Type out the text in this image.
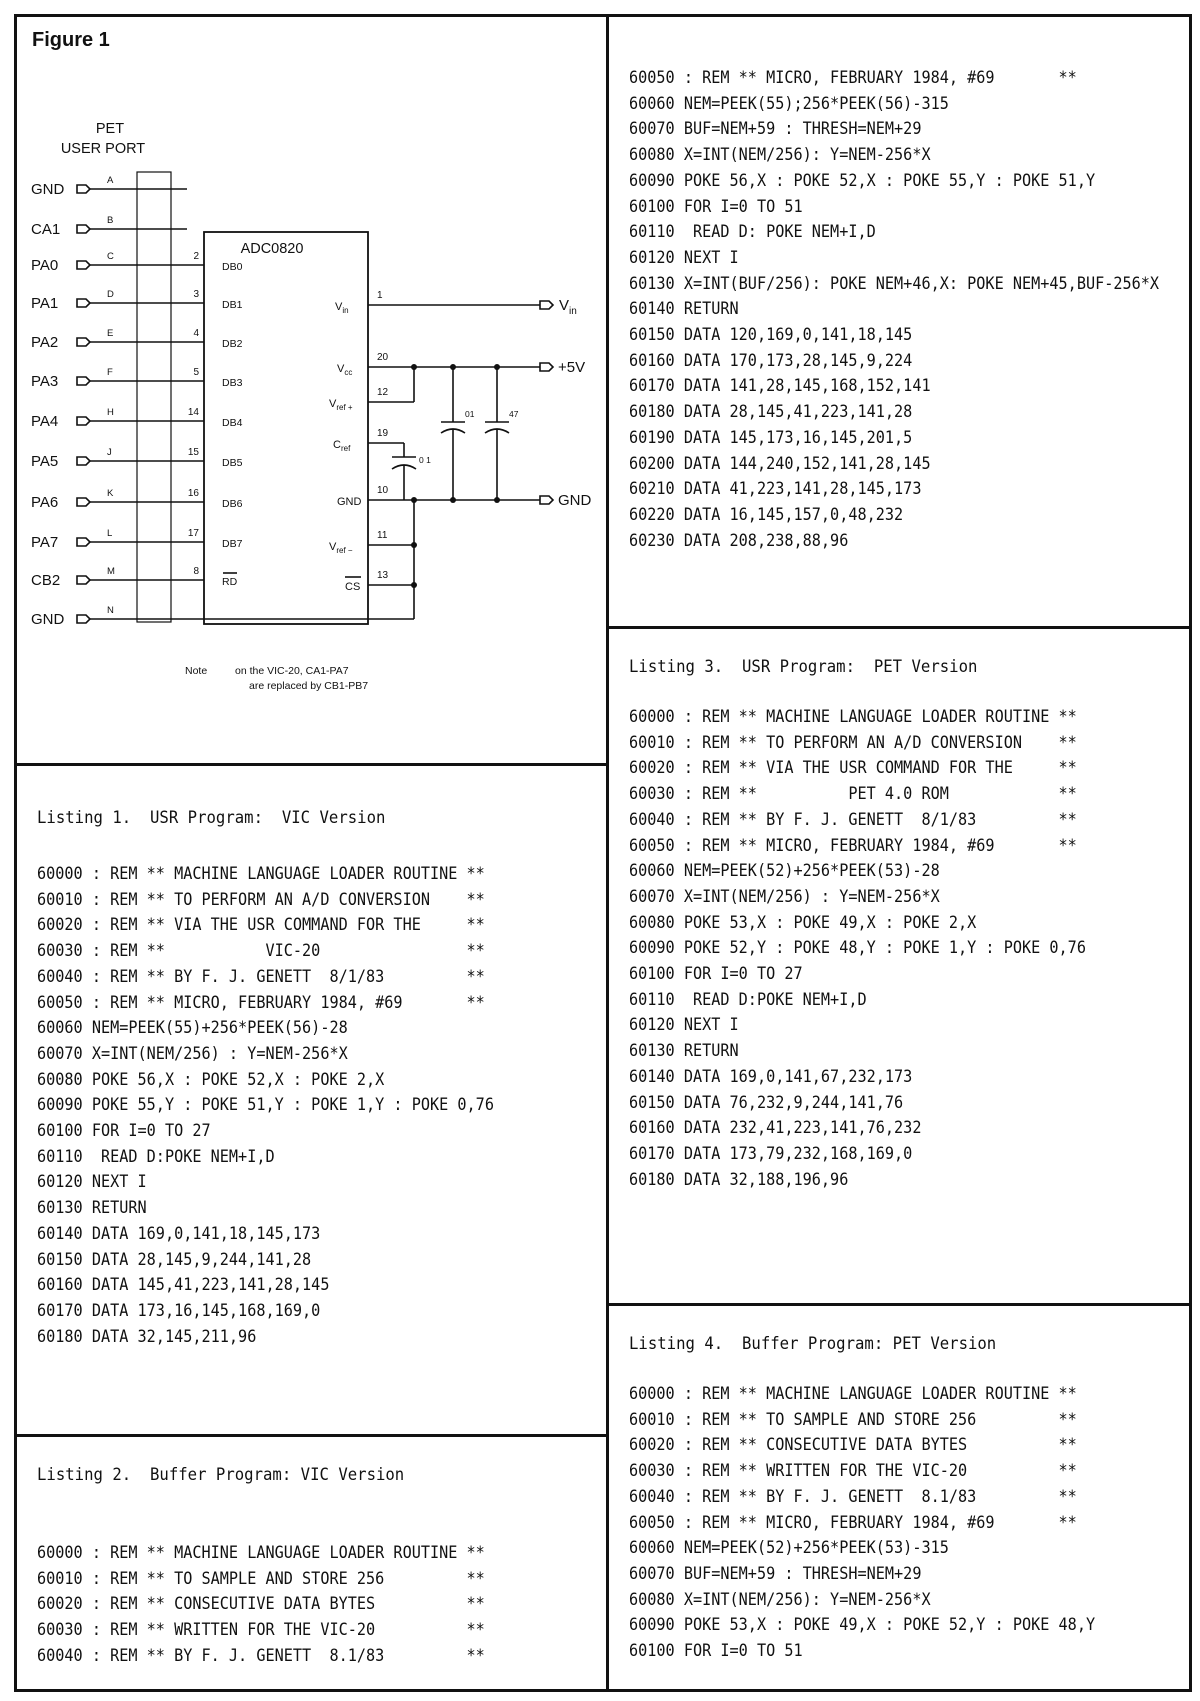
Figure 1
PET
USER PORT
ADC0820
GND
A
CA1
B
PA0
C	2
DB0
PA1
D	3
DB1
PA2
E	4
DB2
PA3
F	5
DB3
PA4
H	14
DB4
PA5
J	15
DB5
PA6
K	16
DB6
PA7
L	17
DB7
CB2
M	8
RD
GND
N
1
$V_{in}$
20
$V_{cc}$
12
$V_{ref +}$
19
$C_{ref}$
10
GND
11
$V_{ref -}$
13
CS
$V_{in}$
+5V
GND
01	47
0 1
Note	on the VIC-20, CA1-PA7
are replaced by CB1-PB7
60050 : REM ** MICRO, FEBRUARY 1984, #69       **
60060 NEM=PEEK(55);256*PEEK(56)-315
60070 BUF=NEM+59 : THRESH=NEM+29
60080 X=INT(NEM/256): Y=NEM-256*X
60090 POKE 56,X : POKE 52,X : POKE 55,Y : POKE 51,Y
60100 FOR I=0 TO 51
60110  READ D: POKE NEM+I,D
60120 NEXT I
60130 X=INT(BUF/256): POKE NEM+46,X: POKE NEM+45,BUF-256*X
60140 RETURN
60150 DATA 120,169,0,141,18,145
60160 DATA 170,173,28,145,9,224
60170 DATA 141,28,145,168,152,141
60180 DATA 28,145,41,223,141,28
60190 DATA 145,173,16,145,201,5
60200 DATA 144,240,152,141,28,145
60210 DATA 41,223,141,28,145,173
60220 DATA 16,145,157,0,48,232
60230 DATA 208,238,88,96
Listing 1.  USR Program:  VIC Version
60000 : REM ** MACHINE LANGUAGE LOADER ROUTINE **
60010 : REM ** TO PERFORM AN A/D CONVERSION    **
60020 : REM ** VIA THE USR COMMAND FOR THE     **
60030 : REM **           VIC-20                **
60040 : REM ** BY F. J. GENETT  8/1/83         **
60050 : REM ** MICRO, FEBRUARY 1984, #69       **
60060 NEM=PEEK(55)+256*PEEK(56)-28
60070 X=INT(NEM/256) : Y=NEM-256*X
60080 POKE 56,X : POKE 52,X : POKE 2,X
60090 POKE 55,Y : POKE 51,Y : POKE 1,Y : POKE 0,76
60100 FOR I=0 TO 27
60110  READ D:POKE NEM+I,D
60120 NEXT I
60130 RETURN
60140 DATA 169,0,141,18,145,173
60150 DATA 28,145,9,244,141,28
60160 DATA 145,41,223,141,28,145
60170 DATA 173,16,145,168,169,0
60180 DATA 32,145,211,96
Listing 2.  Buffer Program: VIC Version
60000 : REM ** MACHINE LANGUAGE LOADER ROUTINE **
60010 : REM ** TO SAMPLE AND STORE 256         **
60020 : REM ** CONSECUTIVE DATA BYTES          **
60030 : REM ** WRITTEN FOR THE VIC-20          **
60040 : REM ** BY F. J. GENETT  8.1/83         **
Listing 3.  USR Program:  PET Version
60000 : REM ** MACHINE LANGUAGE LOADER ROUTINE **
60010 : REM ** TO PERFORM AN A/D CONVERSION    **
60020 : REM ** VIA THE USR COMMAND FOR THE     **
60030 : REM **          PET 4.0 ROM            **
60040 : REM ** BY F. J. GENETT  8/1/83         **
60050 : REM ** MICRO, FEBRUARY 1984, #69       **
60060 NEM=PEEK(52)+256*PEEK(53)-28
60070 X=INT(NEM/256) : Y=NEM-256*X
60080 POKE 53,X : POKE 49,X : POKE 2,X
60090 POKE 52,Y : POKE 48,Y : POKE 1,Y : POKE 0,76
60100 FOR I=0 TO 27
60110  READ D:POKE NEM+I,D
60120 NEXT I
60130 RETURN
60140 DATA 169,0,141,67,232,173
60150 DATA 76,232,9,244,141,76
60160 DATA 232,41,223,141,76,232
60170 DATA 173,79,232,168,169,0
60180 DATA 32,188,196,96
Listing 4.  Buffer Program: PET Version
60000 : REM ** MACHINE LANGUAGE LOADER ROUTINE **
60010 : REM ** TO SAMPLE AND STORE 256         **
60020 : REM ** CONSECUTIVE DATA BYTES          **
60030 : REM ** WRITTEN FOR THE VIC-20          **
60040 : REM ** BY F. J. GENETT  8.1/83         **
60050 : REM ** MICRO, FEBRUARY 1984, #69       **
60060 NEM=PEEK(52)+256*PEEK(53)-315
60070 BUF=NEM+59 : THRESH=NEM+29
60080 X=INT(NEM/256): Y=NEM-256*X
60090 POKE 53,X : POKE 49,X : POKE 52,Y : POKE 48,Y
60100 FOR I=0 TO 51
